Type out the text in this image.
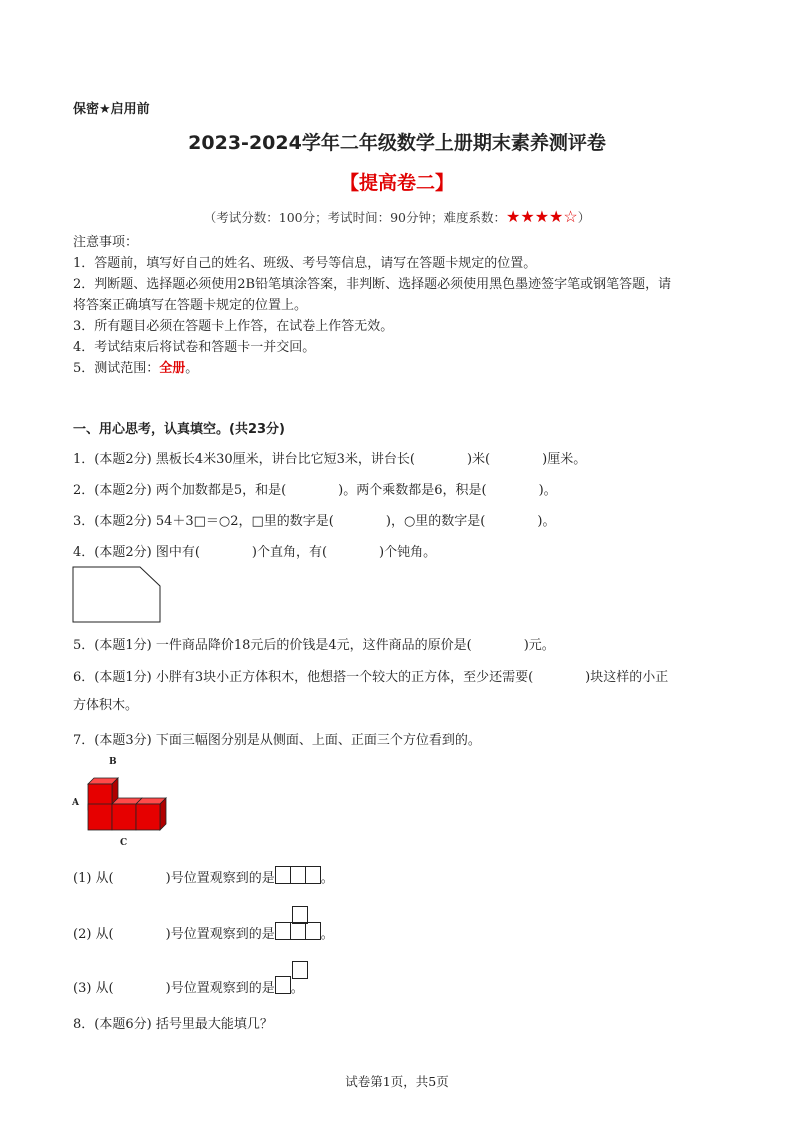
保密★启用前
2023-2024学年二年级数学上册期末素养测评卷
【提高卷二】
（考试分数：100分；考试时间：90分钟；难度系数：★★★★☆）
注意事项：
1．答题前，填写好自己的姓名、班级、考号等信息，请写在答题卡规定的位置。
2．判断题、选择题必须使用2B铅笔填涂答案，非判断、选择题必须使用黑色墨迹签字笔或钢笔答题，请
将答案正确填写在答题卡规定的位置上。
3．所有题目必须在答题卡上作答，在试卷上作答无效。
4．考试结束后将试卷和答题卡一并交回。
5．测试范围：全册。
一、用心思考，认真填空。(共23分)
1．(本题2分) 黑板长4米30厘米，讲台比它短3米，讲台长(　　　　)米(　　　　)厘米。
2．(本题2分) 两个加数都是5，和是(　　　　)。两个乘数都是6，积是(　　　　)。
3．(本题2分) 54＋3□＝○2，□里的数字是(　　　　)，○里的数字是(　　　　)。
4．(本题2分) 图中有(　　　　)个直角，有(　　　　)个钝角。
5．(本题1分) 一件商品降价18元后的价钱是4元，这件商品的原价是(　　　　)元。
6．(本题1分) 小胖有3块小正方体积木，他想搭一个较大的正方体，至少还需要(　　　　)块这样的小正
方体积木。
7．(本题3分) 下面三幅图分别是从侧面、上面、正面三个方位看到的。
B
A
C
(1) 从(　　　　)号位置观察到的是	。
(2) 从(　　　　)号位置观察到的是	。
(3) 从(　　　　)号位置观察到的是 。
8．(本题6分) 括号里最大能填几？
试卷第1页，共5页
